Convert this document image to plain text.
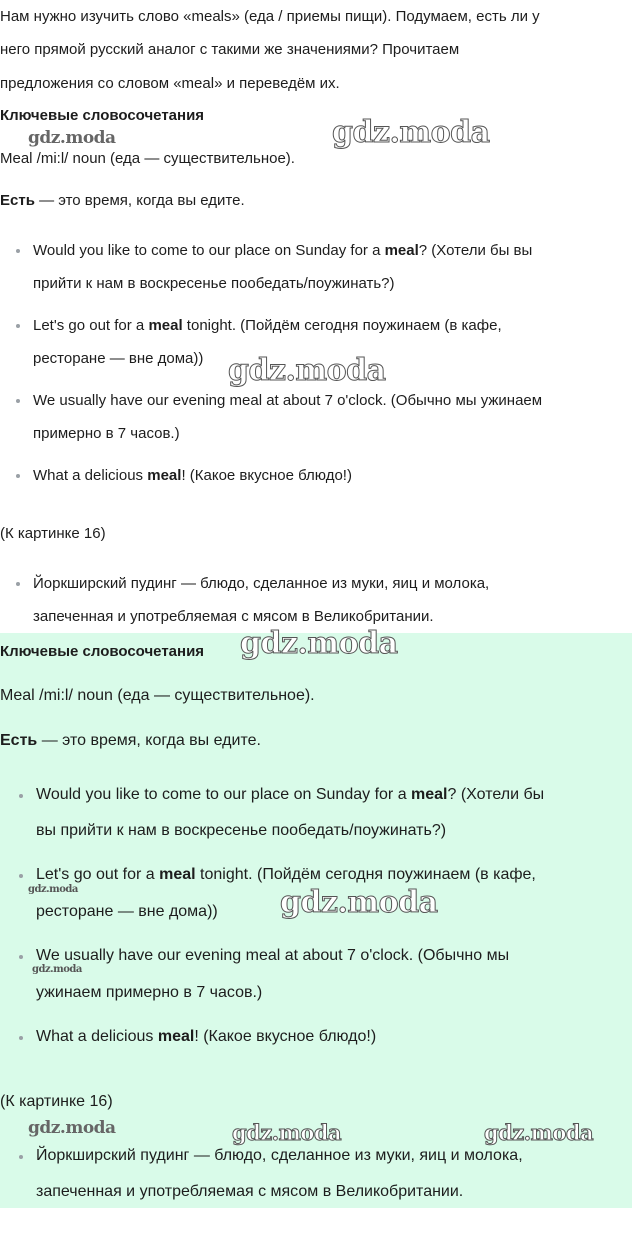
Нам нужно изучить слово «meals» (еда / приемы пищи). Подумаем, есть ли у
него прямой русский аналог с такими же значениями? Прочитаем
предложения со словом «meal» и переведём их.
Ключевые словосочетания
Meal /mi:l/ noun (еда — существительное).
Есть — это время, когда вы едите.
Would you like to come to our place on Sunday for a meal? (Хотели бы вы
прийти к нам в воскресенье пообедать/поужинать?)
Let's go out for a meal tonight. (Пойдём сегодня поужинаем (в кафе,
ресторане — вне дома))
We usually have our evening meal at about 7 o'clock. (Обычно мы ужинаем
примерно в 7 часов.)
What a delicious meal! (Какое вкусное блюдо!)
(К картинке 16)
Йоркширский пудинг — блюдо, сделанное из муки, яиц и молока,
запеченная и употребляемая с мясом в Великобритании.
Ключевые словосочетания
Meal /mi:l/ noun (еда — существительное).
Есть — это время, когда вы едите.
Would you like to come to our place on Sunday for a meal? (Хотели бы
вы прийти к нам в воскресенье пообедать/поужинать?)
Let's go out for a meal tonight. (Пойдём сегодня поужинаем (в кафе,
ресторане — вне дома))
We usually have our evening meal at about 7 o'clock. (Обычно мы
ужинаем примерно в 7 часов.)
What a delicious meal! (Какое вкусное блюдо!)
(К картинке 16)
Йоркширский пудинг — блюдо, сделанное из муки, яиц и молока,
запеченная и употребляемая с мясом в Великобритании.
gdz.moda	gdz.moda
gdz.moda
gdz.moda
gdz.moda	gdz.moda
gdz.moda
gdz.moda	gdz.moda	gdz.moda
